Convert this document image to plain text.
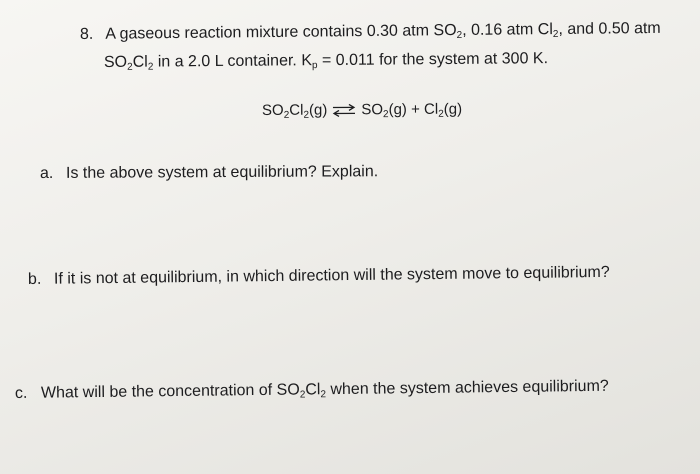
8. A gaseous reaction mixture contains 0.30 atm $SO_2$, 0.16 atm $Cl_2$, and 0.50 atm
$SO_2Cl_2$ in a 2.0 L container. $K_p = 0.011$ for the system at 300 K.
$SO_2Cl_2(g)$ ⇌ $SO_2(g) + Cl_2(g)$
a. Is the above system at equilibrium? Explain.
b. If it is not at equilibrium, in which direction will the system move to equilibrium?
c. What will be the concentration of $SO_2Cl_2$ when the system achieves equilibrium?
